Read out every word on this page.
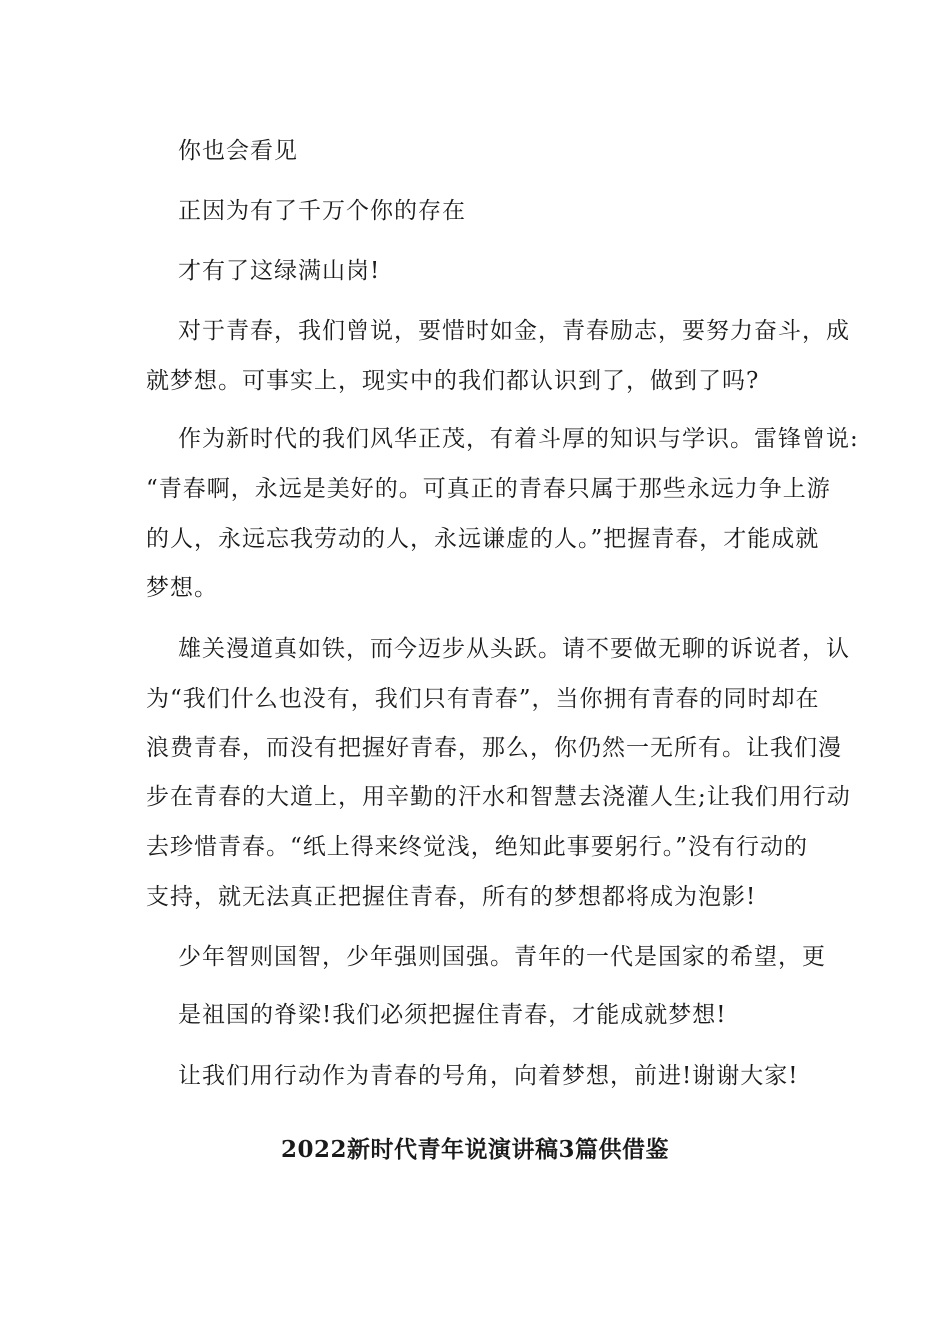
你也会看见

正因为有了千万个你的存在

才有了这绿满山岗!

对于青春，我们曾说，要惜时如金，青春励志，要努力奋斗，成

就梦想。可事实上，现实中的我们都认识到了，做到了吗?

作为新时代的我们风华正茂，有着斗厚的知识与学识。雷锋曾说:

“青春啊，永远是美好的。可真正的青春只属于那些永远力争上游

的人，永远忘我劳动的人，永远谦虚的人。”把握青春，才能成就

梦想。

雄关漫道真如铁，而今迈步从头跃。请不要做无聊的诉说者，认

为“我们什么也没有，我们只有青春”，当你拥有青春的同时却在

浪费青春，而没有把握好青春，那么，你仍然一无所有。让我们漫

步在青春的大道上，用辛勤的汗水和智慧去浇灌人生;让我们用行动

去珍惜青春。“纸上得来终觉浅，绝知此事要躬行。”没有行动的

支持，就无法真正把握住青春，所有的梦想都将成为泡影!

少年智则国智，少年强则国强。青年的一代是国家的希望，更

是祖国的脊梁!我们必须把握住青春，才能成就梦想!

让我们用行动作为青春的号角，向着梦想，前进!谢谢大家!

2022新时代青年说演讲稿3篇供借鉴
